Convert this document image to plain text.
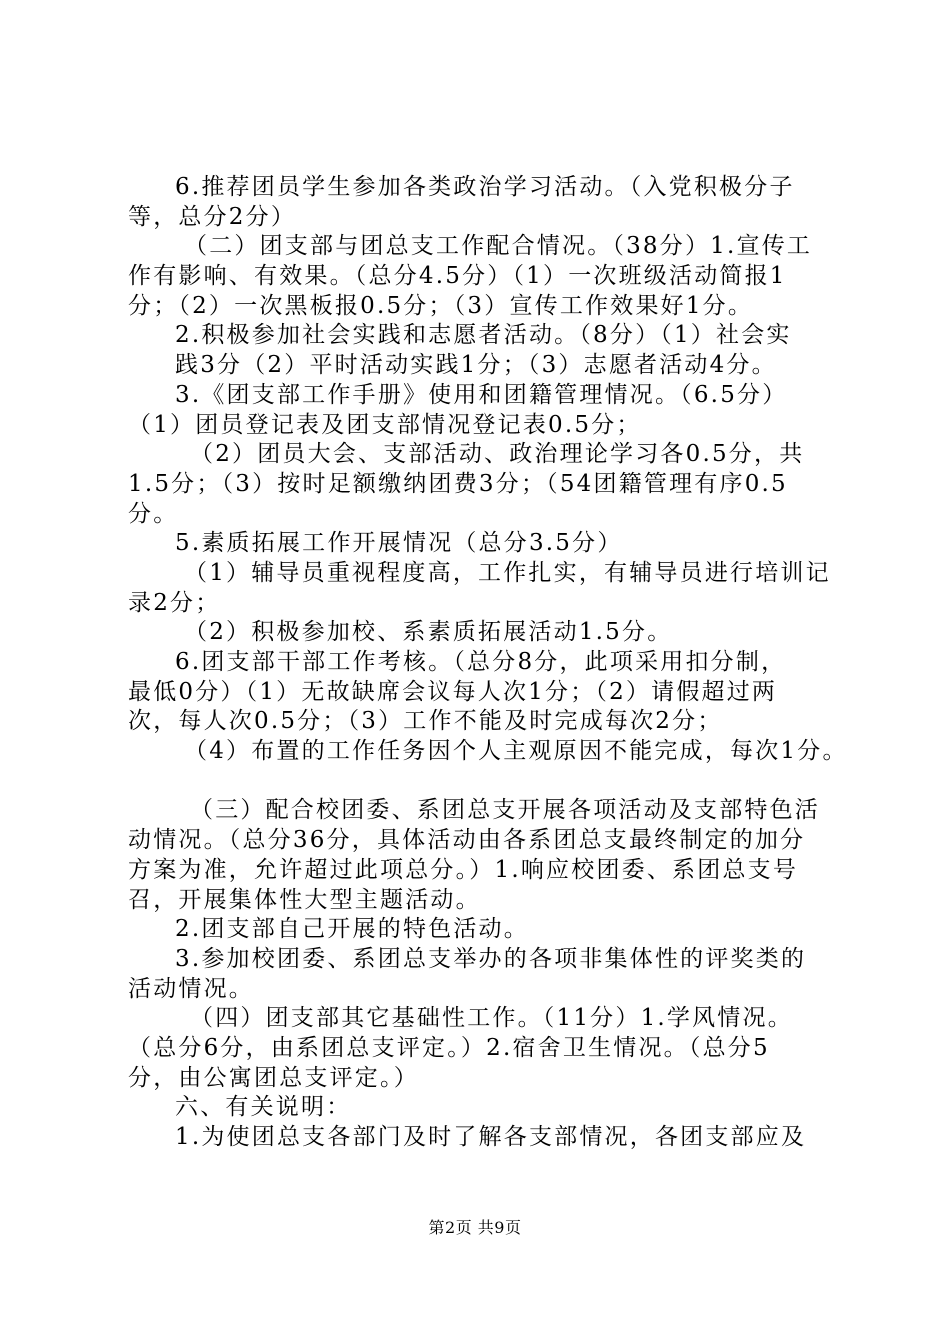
6.推荐团员学生参加各类政治学习活动。（入党积极分子
等，总分2分）
（二）团支部与团总支工作配合情况。（38分）1.宣传工
作有影响、有效果。（总分4.5分）（1）一次班级活动简报1
分；（2）一次黑板报0.5分；（3）宣传工作效果好1分。
2.积极参加社会实践和志愿者活动。（8分）（1）社会实
践3分（2）平时活动实践1分；（3）志愿者活动4分。
3.《团支部工作手册》使用和团籍管理情况。（6.5分）
（1）团员登记表及团支部情况登记表0.5分；
（2）团员大会、支部活动、政治理论学习各0.5分，共
1.5分；（3）按时足额缴纳团费3分；（54团籍管理有序0.5
分。
5.素质拓展工作开展情况（总分3.5分）
（1）辅导员重视程度高，工作扎实，有辅导员进行培训记
录2分；
（2）积极参加校、系素质拓展活动1.5分。
6.团支部干部工作考核。（总分8分，此项采用扣分制，
最低0分）（1）无故缺席会议每人次1分；（2）请假超过两
次，每人次0.5分；（3）工作不能及时完成每次2分；
（4）布置的工作任务因个人主观原因不能完成，每次1分。
（三）配合校团委、系团总支开展各项活动及支部特色活
动情况。（总分36分，具体活动由各系团总支最终制定的加分
方案为准，允许超过此项总分。）1.响应校团委、系团总支号
召，开展集体性大型主题活动。
2.团支部自己开展的特色活动。
3.参加校团委、系团总支举办的各项非集体性的评奖类的
活动情况。
（四）团支部其它基础性工作。（11分）1.学风情况。
（总分6分，由系团总支评定。）2.宿舍卫生情况。（总分5
分，由公寓团总支评定。）
六、有关说明：
1.为使团总支各部门及时了解各支部情况，各团支部应及
第2页 共9页
